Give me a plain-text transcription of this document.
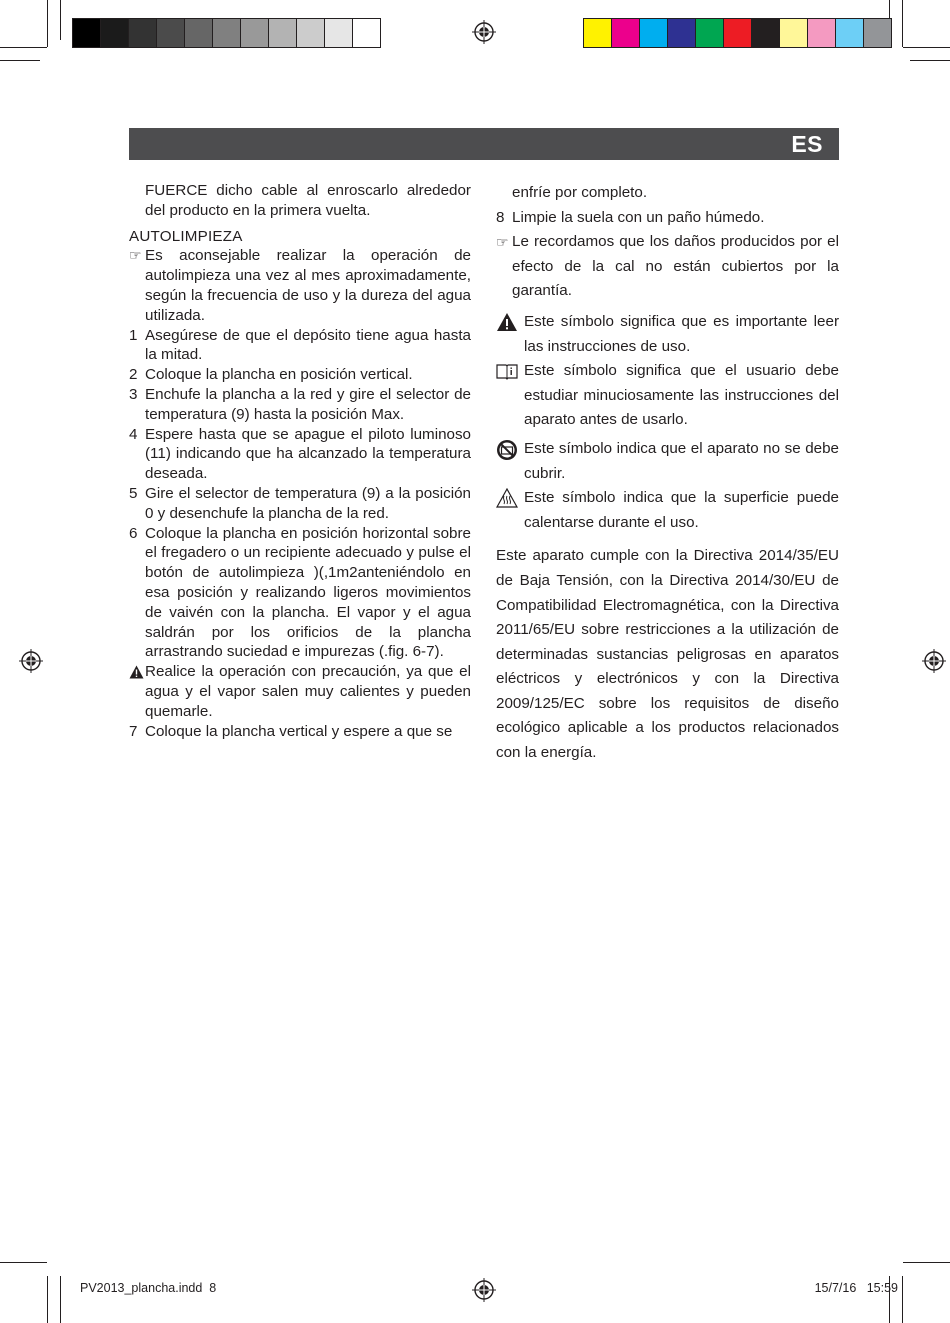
ES
FUERCE dicho cable al enroscarlo alrededor del producto en la primera vuelta.
AUTOLIMPIEZA
☞ Es aconsejable realizar la operación de autolimpieza una vez al mes aproximadamente, según la frecuencia de uso y la dureza del agua utilizada.
1 Asegúrese de que el depósito tiene agua hasta la mitad.
2 Coloque la plancha en posición vertical.
3 Enchufe la plancha a la red y gire el selector de temperatura (9) hasta la posición Max.
4 Espere hasta que se apague el piloto luminoso (11) indicando que ha alcanzado la temperatura deseada.
5 Gire el selector de temperatura (9) a la posición 0 y desenchufe la plancha de la red.
6 Coloque la plancha en posición horizontal sobre el fregadero o un recipiente adecuado y pulse el botón de autolimpieza )(,1m2anteniéndolo en esa posición y realizando ligeros movimientos de vaivén con la plancha. El vapor y el agua saldrán por los orificios de la plancha arrastrando suciedad e impurezas (.fig. 6-7).
Realice la operación con precaución, ya que el agua y el vapor salen muy calientes y pueden quemarle.
7 Coloque la plancha vertical y espere a que se
enfríe por completo.
8 Limpie la suela con un paño húmedo.
☞ Le recordamos que los daños producidos por el efecto de la cal no están cubiertos por la garantía.
Este símbolo significa que es importante leer las instrucciones de uso.
Este símbolo significa que el usuario debe estudiar minuciosamente las instrucciones del aparato antes de usarlo.
Este símbolo indica que el aparato no se debe cubrir.
Este símbolo indica que la superficie puede calentarse durante el uso.
Este aparato cumple con la Directiva 2014/35/EU de Baja Tensión, con la Directiva 2014/30/EU de Compatibilidad Electromagnética, con la Directiva 2011/65/EU sobre restricciones a la utilización de determinadas sustancias peligrosas en aparatos eléctricos y electrónicos y con la Directiva 2009/125/EC sobre los requisitos de diseño ecológico aplicable a los productos relacionados con la energía.
PV2013_plancha.indd 8	15/7/16 15:59
